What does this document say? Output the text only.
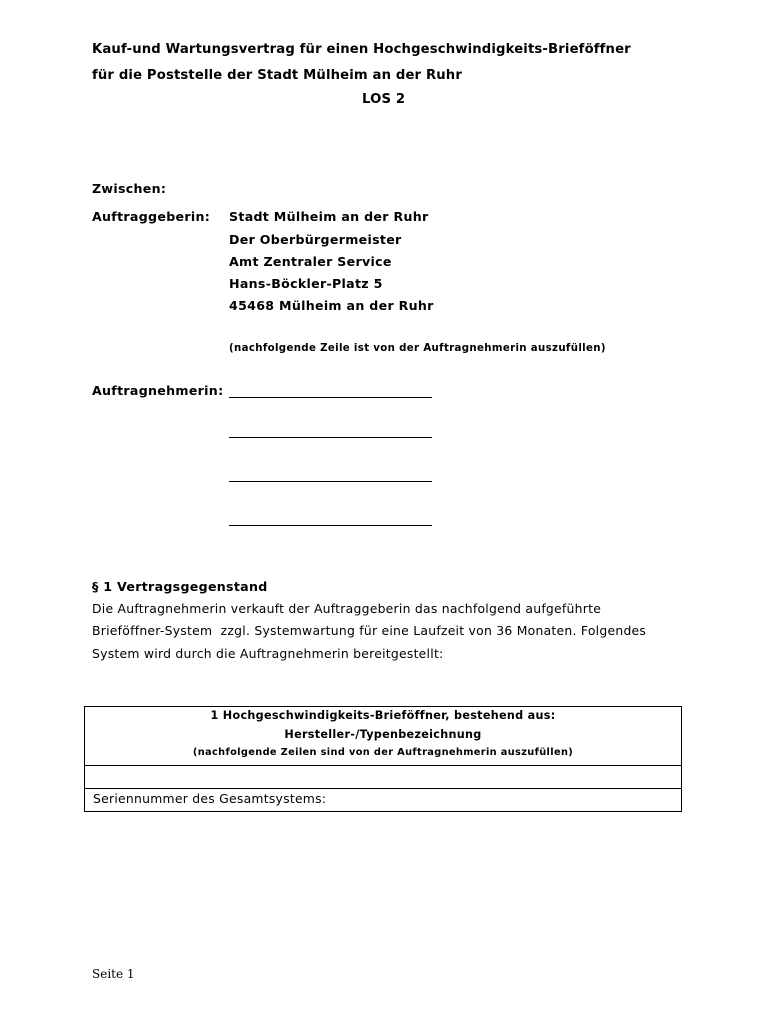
Kauf-und Wartungsvertrag für einen Hochgeschwindigkeits-Brieföffner
für die Poststelle der Stadt Mülheim an der Ruhr
LOS 2
Zwischen:
Auftraggeberin: Stadt Mülheim an der Ruhr
Der Oberbürgermeister
Amt Zentraler Service
Hans-Böckler-Platz 5
45468 Mülheim an der Ruhr
(nachfolgende Zeile ist von der Auftragnehmerin auszufüllen)
Auftragnehmerin:
§ 1 Vertragsgegenstand
Die Auftragnehmerin verkauft der Auftraggeberin das nachfolgend aufgeführte
Brieföffner-System  zzgl. Systemwartung für eine Laufzeit von 36 Monaten. Folgendes
System wird durch die Auftragnehmerin bereitgestellt:
1 Hochgeschwindigkeits-Brieföffner, bestehend aus:
Hersteller-/Typenbezeichnung
(nachfolgende Zeilen sind von der Auftragnehmerin auszufüllen)
Seriennummer des Gesamtsystems:
Seite 1
